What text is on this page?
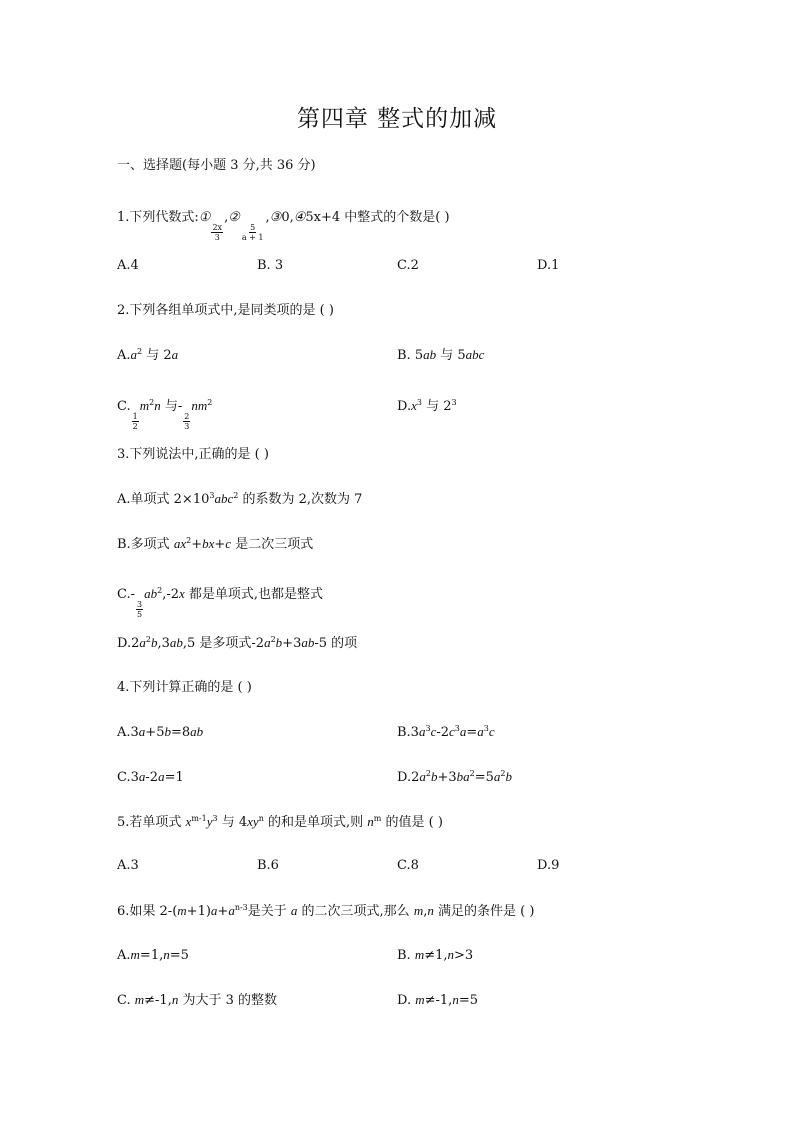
第四章 整式的加减
一、选择题(每小题 3 分,共 36 分)
1.下列代数式:①
$\frac{2x}{3}$
,②
$\frac{5}{a + 1}$
,③0,④5x+4 中整式的个数是( )
A.4	B. 3	C.2	D.1
2.下列各组单项式中,是同类项的是 ( )
$A.a^2$ 与 2a	B. 5ab 与 5abc
C.
$\frac{1}{2}$
$m^2n$ 与-
$\frac{2}{3}$
$nm^2$	$D.x^3$ 与 $2^3$
3.下列说法中,正确的是 ( )
A.单项式 $2\times 10^3abc^2$ 的系数为 2,次数为 7
B.多项式 $ax^2+bx+c$ 是二次三项式
C.-
$\frac{3}{5}$
$ab^2,-2x$ 都是单项式,也都是整式
$D.2a^2b,3ab,5$ 是多项式$-2a^2b+3ab-5$ 的项
4.下列计算正确的是 ( )
A.3a+5b=8ab	$B.3a^3c-2c^3a=a^3c$
C.3a-2a=1	$D.2a^2b+3ba^2=5a^2b$
5.若单项式 $x^{m-1}y^3$ 与 $4xy^n$ 的和是单项式,则 $n^m$ 的值是 ( )
A.3	B.6	C.8	D.9
6.如果 $2-(m+1)a+a^{n-3}$是关于 a 的二次三项式,那么 m,n 满足的条件是 ( )
A.m=1,n=5	B. m≠1,n>3
C. m≠-1,n 为大于 3 的整数	D. m≠-1,n=5
